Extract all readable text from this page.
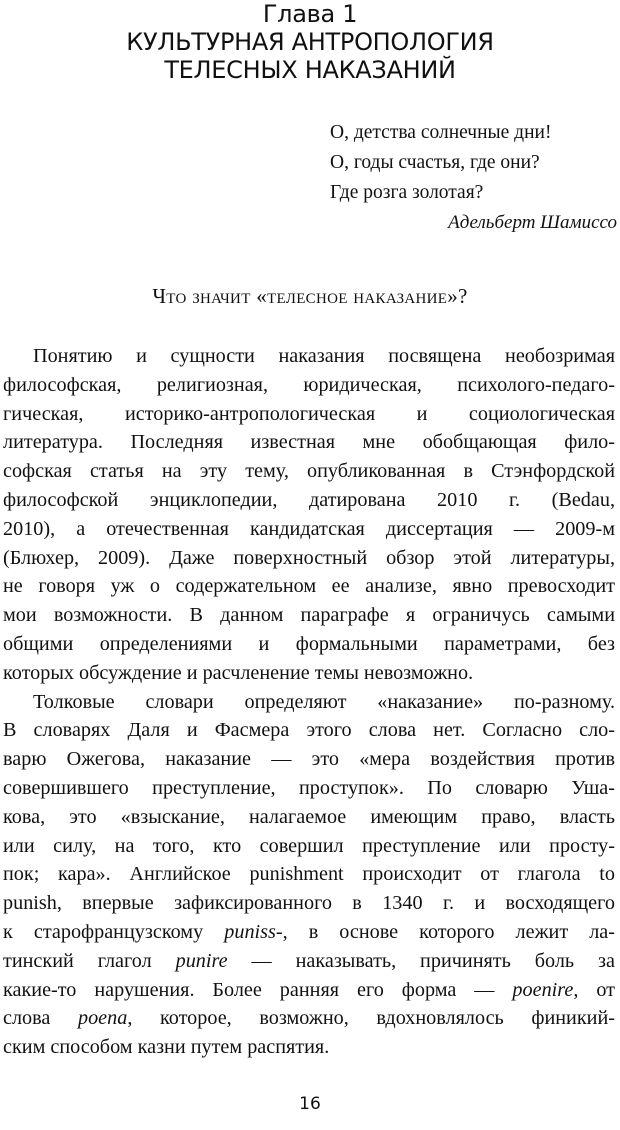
Глава 1
КУЛЬТУРНАЯ АНТРОПОЛОГИЯ
ТЕЛЕСНЫХ НАКАЗАНИЙ
О, детства солнечные дни!
О, годы счастья, где они?
Где розга золотая?
Адельберт Шамиссо
Что значит «телесное наказание»?
Понятию и сущности наказания посвящена необозримая
философская, религиозная, юридическая, психолого-педаго-
гическая, историко-антропологическая и социологическая
литература. Последняя известная мне обобщающая фило-
софская статья на эту тему, опубликованная в Стэнфордской
философской энциклопедии, датирована 2010 г. (Bedau,
2010), а отечественная кандидатская диссертация — 2009-м
(Блюхер, 2009). Даже поверхностный обзор этой литературы,
не говоря уж о содержательном ее анализе, явно превосходит
мои возможности. В данном параграфе я ограничусь самыми
общими определениями и формальными параметрами, без
которых обсуждение и расчленение темы невозможно.
Толковые словари определяют «наказание» по-разному.
В словарях Даля и Фасмера этого слова нет. Согласно сло-
варю Ожегова, наказание — это «мера воздействия против
совершившего преступление, проступок». По словарю Уша-
кова, это «взыскание, налагаемое имеющим право, власть
или силу, на того, кто совершил преступление или просту-
пок; кара». Английское punishment происходит от глагола to
punish, впервые зафиксированного в 1340 г. и восходящего
к старофранцузскому puniss-, в основе которого лежит ла-
тинский глагол punire — наказывать, причинять боль за
какие-то нарушения. Более ранняя его форма — poenire, от
слова poena, которое, возможно, вдохновлялось финикий-
ским способом казни путем распятия.
16
